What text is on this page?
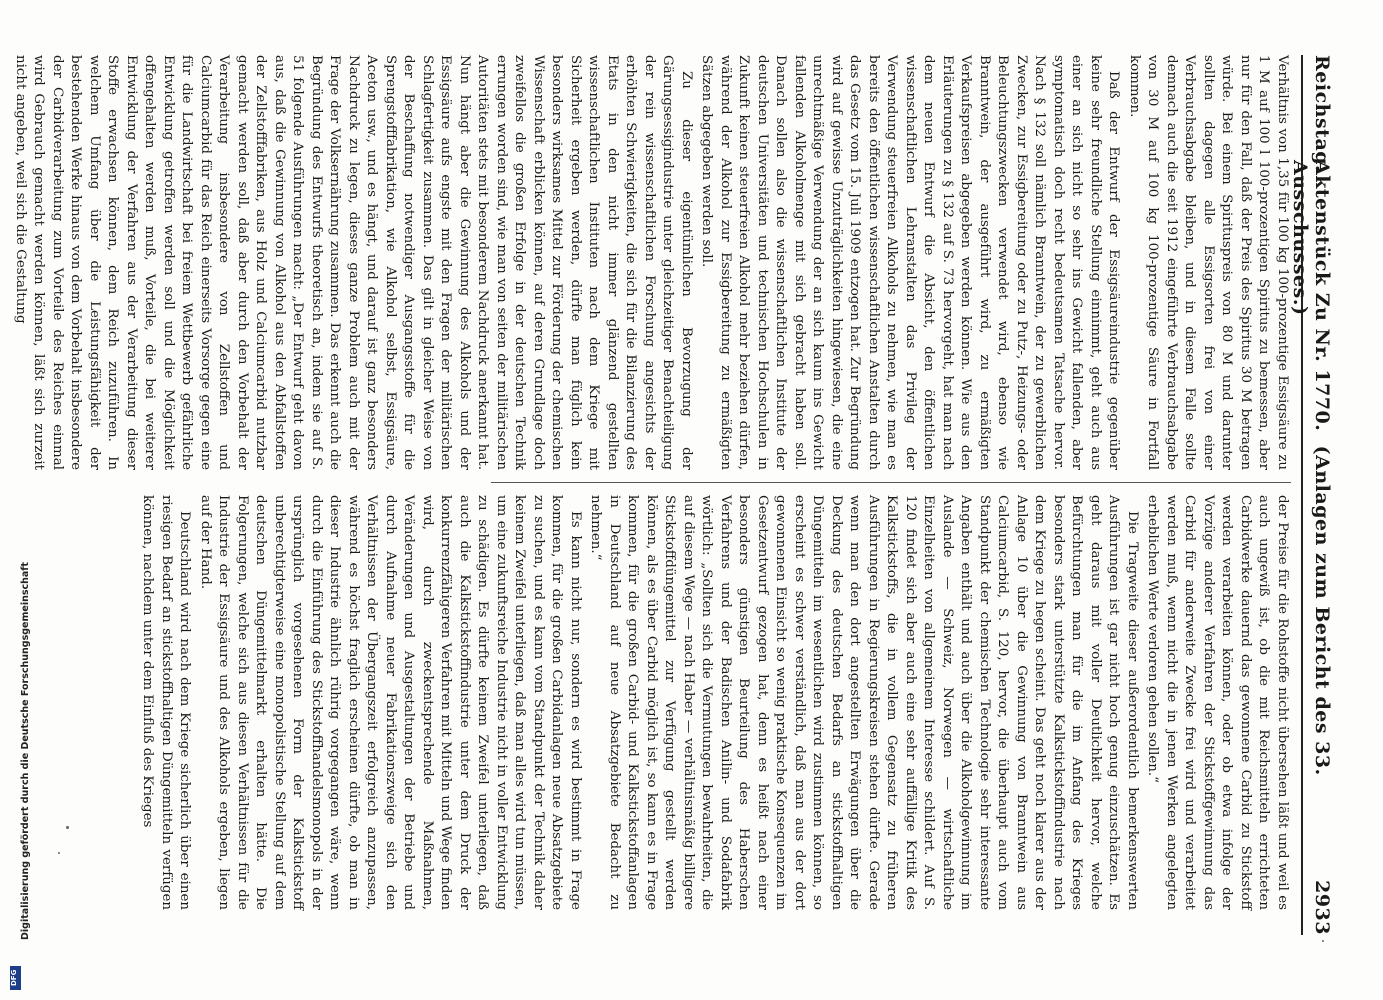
Reichstag.
Aktenstück Zu Nr. 1770.  (Anlagen zum Bericht des 33. Ausschusses.)
2933

Verhältnis von 1,35 für 100 kg 100-prozentige Essigsäure zu 1 M auf 100 l 100-prozentigen Spiritus zu bemessen, aber nur für den Fall, daß der Preis des Spiritus 30 M betragen würde. Bei einem Spirituspreis von 80 M und darunter sollten dagegen alle Essigsorten frei von einer Verbrauchsabgabe bleiben, und in diesem Falle sollte demnach auch die seit 1912 eingeführte Verbrauchsabgabe von 30 M auf 100 kg 100-prozentige Säure in Fortfall kommen.

Daß der Entwurf der Essigsäureindustrie gegenüber keine sehr freundliche Stellung einnimmt, geht auch aus einer an sich nicht so sehr ins Gewicht fallenden, aber symptomatisch doch recht bedeutsamen Tatsache hervor. Nach § 132 soll nämlich Branntwein, der zu gewerblichen Zwecken, zur Essigbereitung oder zu Putz-, Heizungs- oder Beleuchtungszwecken verwendet wird, ebenso wie Branntwein, der ausgeführt wird, zu ermäßigten Verkaufspreisen abgegeben werden können. Wie aus den Erläuterungen zu § 132 auf S. 73 hervorgeht, hat man nach dem neuen Entwurf die Absicht, den öffentlichen wissenschaftlichen Lehranstalten das Privileg der Verwendung steuerfreien Alkohols zu nehmen, wie man es bereits den öffentlichen wissenschaftlichen Anstalten durch das Gesetz vom 15. Juli 1909 entzogen hat. Zur Begründung wird auf gewisse Unzuträglichkeiten hingewiesen, die eine unrechtmäßige Verwendung der an sich kaum ins Gewicht fallenden Alkoholmenge mit sich gebracht haben soll. Danach sollen also die wissenschaftlichen Institute der deutschen Universitäten und technischen Hochschulen in Zukunft keinen steuerfreien Alkohol mehr beziehen dürfen, während der Alkohol zur Essigbereitung zu ermäßigten Sätzen abgegeben werden soll.

Zu dieser eigentümlichen Bevorzugung der Gärungsessigindustrie unter gleichzeitiger Benachteiligung der rein wissenschaftlichen Forschung angesichts der erhöhten Schwierigkeiten, die sich für die Bilanzierung des Etats in den nicht immer glänzend gestellten wissenschaftlichen Instituten nach dem Kriege mit Sicherheit ergeben werden, dürfte man füglich kein besonders wirksames Mittel zur Förderung der chemischen Wissenschaft erblicken können, auf deren Grundlage doch zweifellos die großen Erfolge in der deutschen Technik errungen worden sind, wie man von seiten der militärischen Autoritäten stets mit besonderem Nachdruck anerkannt hat. Nun hängt aber die Gewinnung des Alkohols und der Essigsäure aufs engste mit den Fragen der militärischen Schlagfertigkeit zusammen. Das gilt in gleicher Weise von der Beschaffung notwendiger Ausgangsstoffe für die Sprengstofffabrikation, wie Alkohol selbst, Essigsäure, Aceton usw., und es hängt, und darauf ist ganz besonders Nachdruck zu legen, dieses ganze Problem auch mit der Frage der Volksernährung zusammen. Das erkennt auch die Begründung des Entwurfs theoretisch an, indem sie auf S. 51 folgende Ausführungen macht: „Der Entwurf geht davon aus, daß die Gewinnung von Alkohol aus den Abfallstoffen der Zellstofffabriken, aus Holz und Calciumcarbid nutzbar gemacht werden soll, daß aber durch den Vorbehalt der Verarbeitung insbesondere von Zellstoffen und Calciumcarbid für das Reich einerseits Vorsorge gegen eine für die Landwirtschaft bei freiem Wettbewerb gefährliche Entwicklung getroffen werden soll und die Möglichkeit offengehalten werden muß, Vorteile, die bei weiterer Entwicklung der Verfahren aus der Verarbeitung dieser Stoffe erwachsen können, dem Reich zuzuführen. In welchem Umfang über die Leistungsfähigkeit der bestehenden Werke hinaus von dem Vorbehalt insbesondere der Carbidverarbeitung zum Vorteile des Reiches einmal wird Gebrauch gemacht werden können, läßt sich zurzeit nicht angeben, weil sich die Gestaltung

der Preise für die Rohstoffe nicht übersehen läßt und weil es auch ungewiß ist, ob die mit Reichsmitteln errichteten Carbidwerke dauernd das gewonnene Carbid zu Stickstoff werden verarbeiten können, oder ob etwa infolge der Vorzüge anderer Verfahren der Stickstoffgewinnung das Carbid für anderweite Zwecke frei wird und verarbeitet werden muß, wenn nicht die in jenen Werken angelegten erheblichen Werte verloren gehen sollen.“

Die Tragweite dieser außerordentlich bemerkenswerten Ausführungen ist gar nicht hoch genug einzuschätzen. Es geht daraus mit voller Deutlichkeit hervor, welche Befürchtungen man für die im Anfang des Krieges besonders stark unterstützte Kalkstickstoffindustrie nach dem Kriege zu hegen scheint. Das geht noch klarer aus der Anlage 10 über die Gewinnung von Branntwein aus Calciumcarbid, S. 120, hervor, die überhaupt auch vom Standpunkt der chemischen Technologie sehr interessante Angaben enthält und auch über die Alkoholgewinnung im Auslande — Schweiz, Norwegen — wirtschaftliche Einzelheiten von allgemeinem Interesse schildert. Auf S. 120 findet sich aber auch eine sehr auffällige Kritik des Kalkstickstoffs, die in vollem Gegensatz zu früheren Ausführungen in Regierungskreisen stehen dürfte. Gerade wenn man den dort angestellten Erwägungen über die Deckung des deutschen Bedarfs an stickstoffhaltigen Düngemitteln im wesentlichen wird zustimmen können, so erscheint es schwer verständlich, daß man aus der dort gewonnenen Einsicht so wenig praktische Konsequenzen im Gesetzentwurf gezogen hat, denn es heißt nach einer besonders günstigen Beurteilung des Haberschen Verfahrens und der Badischen Anilin- und Sodafabrik wörtlich: „Sollten sich die Vermutungen bewahrheiten, die auf diesem Wege — nach Haber — verhältnismäßig billigere Stickstoffdüngemittel zur Verfügung gestellt werden können, als es über Carbid möglich ist, so kann es in Frage kommen, für die großen Carbid- und Kalkstickstoffanlagen in Deutschland auf neue Absatzgebiete Bedacht zu nehmen.“

Es kann nicht nur, sondern es wird bestimmt in Frage kommen, für die großen Carbidanlagen neue Absatzgebiete zu suchen, und es kann vom Standpunkt der Technik daher keinem Zweifel unterliegen, daß man alles wird tun müssen, um eine zukunftsreiche Industrie nicht in voller Entwicklung zu schädigen. Es dürfte keinem Zweifel unterliegen, daß auch die Kalkstickstoffindustrie unter dem Druck der konkurrenzfähigeren Verfahren mit Mitteln und Wege finden wird, durch zweckentsprechende Maßnahmen, Veränderungen und Ausgestaltungen der Betriebe und durch Aufnahme neuer Fabrikationszweige sich den Verhältnissen der Übergangszeit erfolgreich anzupassen, während es höchst fraglich erscheinen dürfte, ob man in dieser Industrie ähnlich rührig vorgegangen wäre, wenn durch die Einführung des Stickstoffhandelsmonopols in der ursprünglich vorgesehenen Form der Kalkstickstoff unberechtigterweise eine monopolistische Stellung auf dem deutschen Düngemittelmarkt erhalten hätte. Die Folgerungen, welche sich aus diesen Verhältnissen für die Industrie der Essigsäure und des Alkohols ergeben, liegen auf der Hand.

Deutschland wird nach dem Kriege sicherlich über einen riesigen Bedarf an stickstoffhaltigen Düngemitteln verfügen können, nachdem unter dem Einfluß des Krieges

Digitalisierung gefördert durch die Deutsche Forschungsgemeinschaft
DFG
